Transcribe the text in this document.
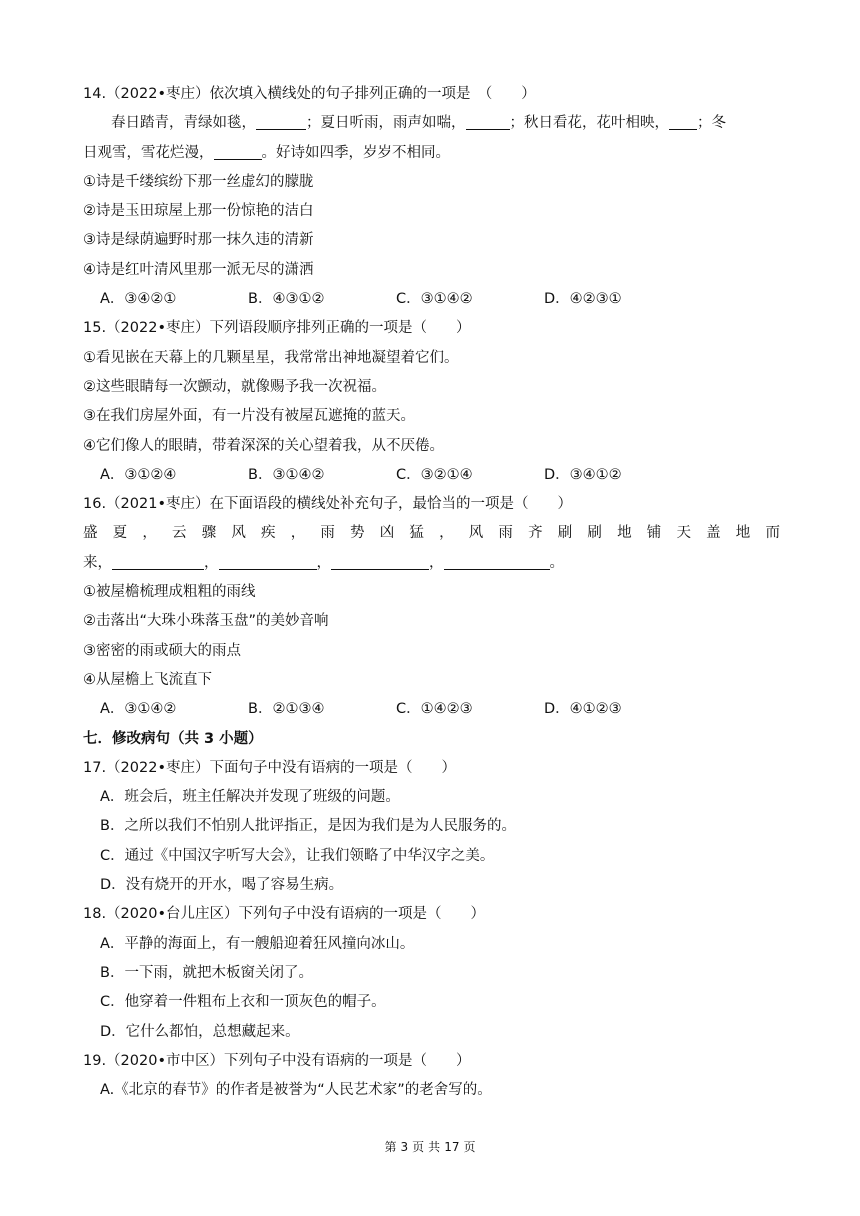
14.（2022•枣庄）依次填入横线处的句子排列正确的一项是　（　　）
春日踏青，青绿如毯，	；夏日听雨，雨声如喘，	；秋日看花，花叶相映， ；冬
日观雪，雪花烂漫，	。好诗如四季，岁岁不相同。
①诗是千缕缤纷下那一丝虚幻的朦胧
②诗是玉田琼屋上那一份惊艳的洁白
③诗是绿荫遍野时那一抹久违的清新
④诗是红叶清风里那一派无尽的潇洒
A．③④②①	B．④③①②	C．③①④②	D．④②③①
15.（2022•枣庄）下列语段顺序排列正确的一项是（　　）
①看见嵌在天幕上的几颗星星，我常常出神地凝望着它们。
②这些眼睛每一次颤动，就像赐予我一次祝福。
③在我们房屋外面，有一片没有被屋瓦遮掩的蓝天。
④它们像人的眼睛，带着深深的关心望着我，从不厌倦。
A．③①②④	B．③①④②	C．③②①④	D．③④①②
16.（2021•枣庄）在下面语段的横线处补充句子，最恰当的一项是（　　）
盛 夏 ， 云 骤 风 疾 ， 雨 势 凶 猛 ， 风 雨 齐 刷 刷 地 铺 天 盖 地 而
来，	，	，	，	。
①被屋檐梳理成粗粗的雨线
②击落出“大珠小珠落玉盘”的美妙音响
③密密的雨或硕大的雨点
④从屋檐上飞流直下
A．③①④②	B．②①③④	C．①④②③	D．④①②③
七．修改病句（共 3 小题）
17.（2022•枣庄）下面句子中没有语病的一项是（　　）
A．班会后，班主任解决并发现了班级的问题。
B．之所以我们不怕别人批评指正，是因为我们是为人民服务的。
C．通过《中国汉字听写大会》，让我们领略了中华汉字之美。
D．没有烧开的开水，喝了容易生病。
18.（2020•台儿庄区）下列句子中没有语病的一项是（　　）
A．平静的海面上，有一艘船迎着狂风撞向冰山。
B．一下雨，就把木板窗关闭了。
C．他穿着一件粗布上衣和一顶灰色的帽子。
D．它什么都怕，总想藏起来。
19.（2020•市中区）下列句子中没有语病的一项是（　　）
A.《北京的春节》的作者是被誉为“人民艺术家”的老舍写的。
第 3 页 共 17 页
